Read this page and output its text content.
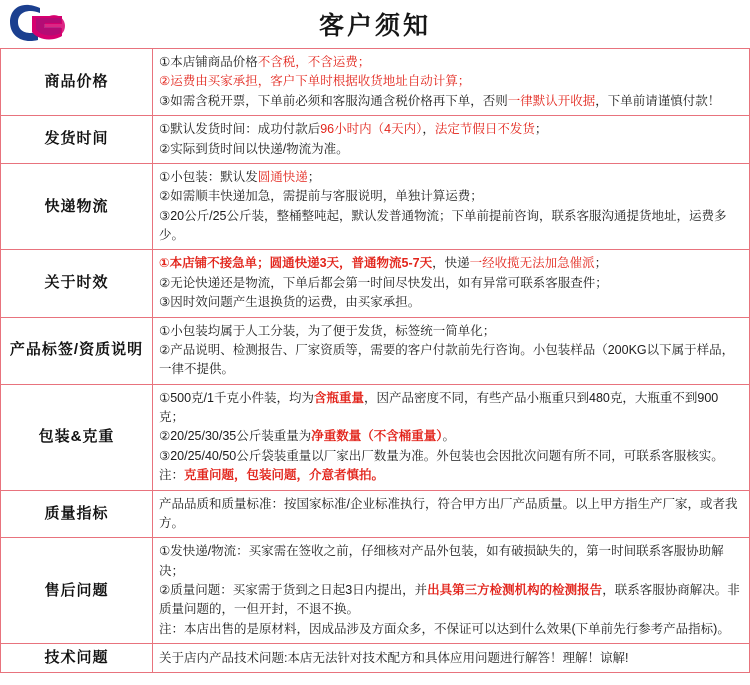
客户须知
商品价格	①本店铺商品价格不含税，不含运费；

②运费由买家承担，客户下单时根据收货地址自动计算；

③如需含税开票，下单前必须和客服沟通含税价格再下单，否则一律默认开收据，下单前请谨慎付款！

发货时间	①默认发货时间：成功付款后96小时内（4天内），法定节假日不发货；

②实际到货时间以快递/物流为准。

快递物流	①小包装：默认发圆通快递；

②如需顺丰快递加急，需提前与客服说明，单独计算运费；

③20公斤/25公斤装，整桶整吨起，默认发普通物流；下单前提前咨询，联系客服沟通提货地址，运费多少。

关于时效	①本店铺不接急单；圆通快递3天，普通物流5-7天，快递一经收揽无法加急催派；

②无论快递还是物流，下单后都会第一时间尽快发出，如有异常可联系客服查件；

③因时效问题产生退换货的运费，由买家承担。

产品标签/资质说明	①小包装均属于人工分装，为了便于发货，标签统一简单化；

②产品说明、检测报告、厂家资质等，需要的客户付款前先行咨询。小包装样品（200KG以下属于样品，一律不提供。

包装&克重	①500克/1千克小件装，均为含瓶重量，因产品密度不同，有些产品小瓶重只到480克，大瓶重不到900克；

②20/25/30/35公斤装重量为净重数量（不含桶重量）。

③20/25/40/50公斤袋装重量以厂家出厂数量为准。外包装也会因批次问题有所不同，可联系客服核实。

注：克重问题，包装问题，介意者慎拍。

质量指标	产品品质和质量标准：按国家标准/企业标准执行，符合甲方出厂产品质量。以上甲方指生产厂家，或者我方。

售后问题	①发快递/物流：买家需在签收之前，仔细核对产品外包装，如有破损缺失的，第一时间联系客服协助解决；

②质量问题：买家需于货到之日起3日内提出，并出具第三方检测机构的检测报告，联系客服协商解决。非质量问题的，一但开封，不退不换。

注：本店出售的是原材料，因成品涉及方面众多，不保证可以达到什么效果(下单前先行参考产品指标)。

技术问题	关于店内产品技术问题:本店无法针对技术配方和具体应用问题进行解答！理解！谅解!
